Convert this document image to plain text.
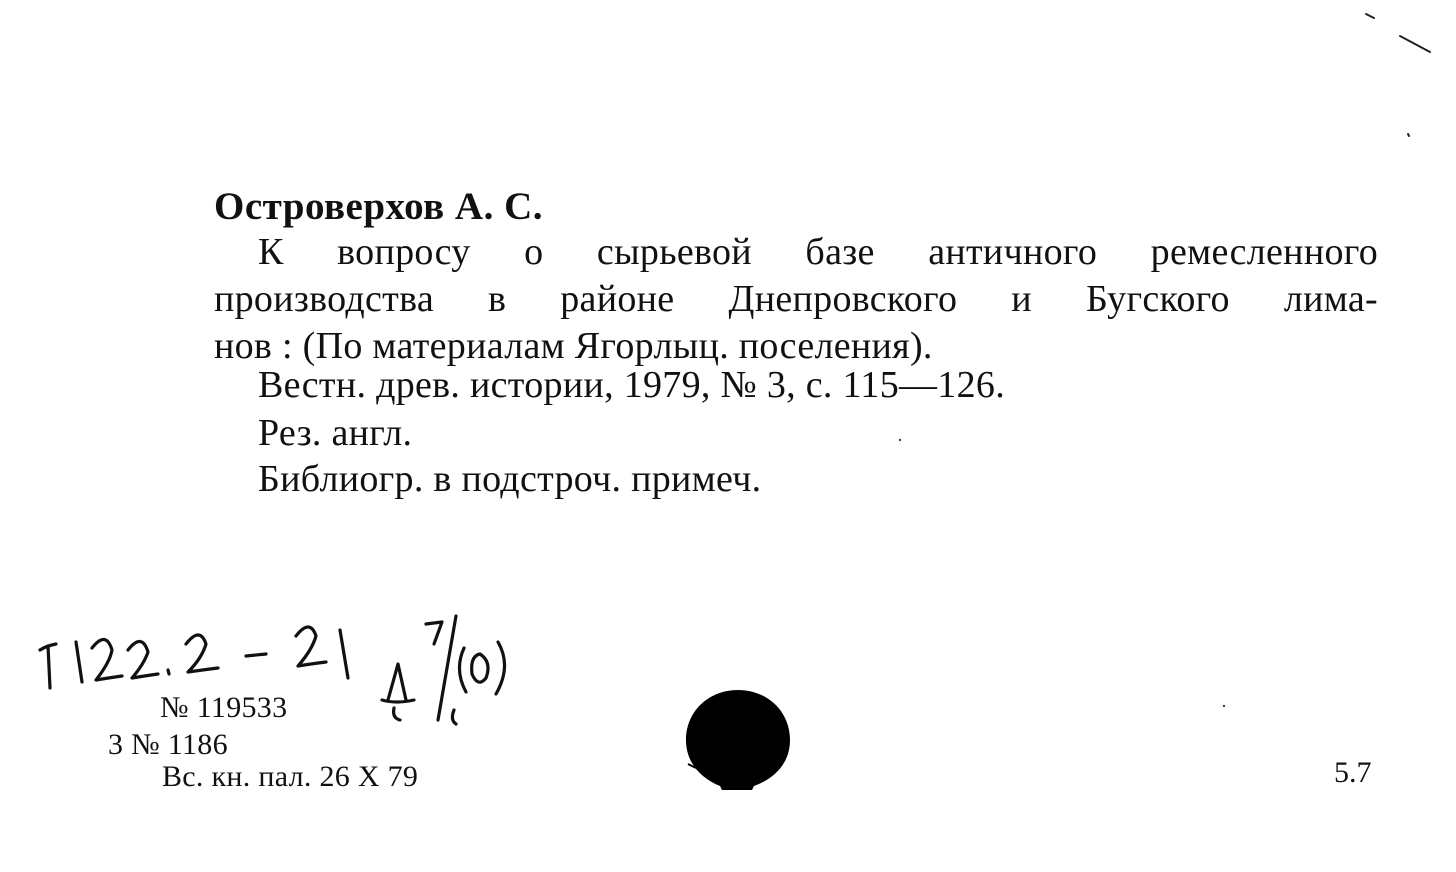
Островерхов А. С.
К вопросу о сырьевой базе античного ремесленного
производства в районе Днепровского и Бугского лима-
нов : (По материалам Ягорлыц. поселения).
Вестн. древ. истории, 1979, № 3, с. 115—126.
Рез. англ.
Библиогр. в подстроч. примеч.
№ 119533
3 № 1186
Вс. кн. пал. 26 X 79	5.7
